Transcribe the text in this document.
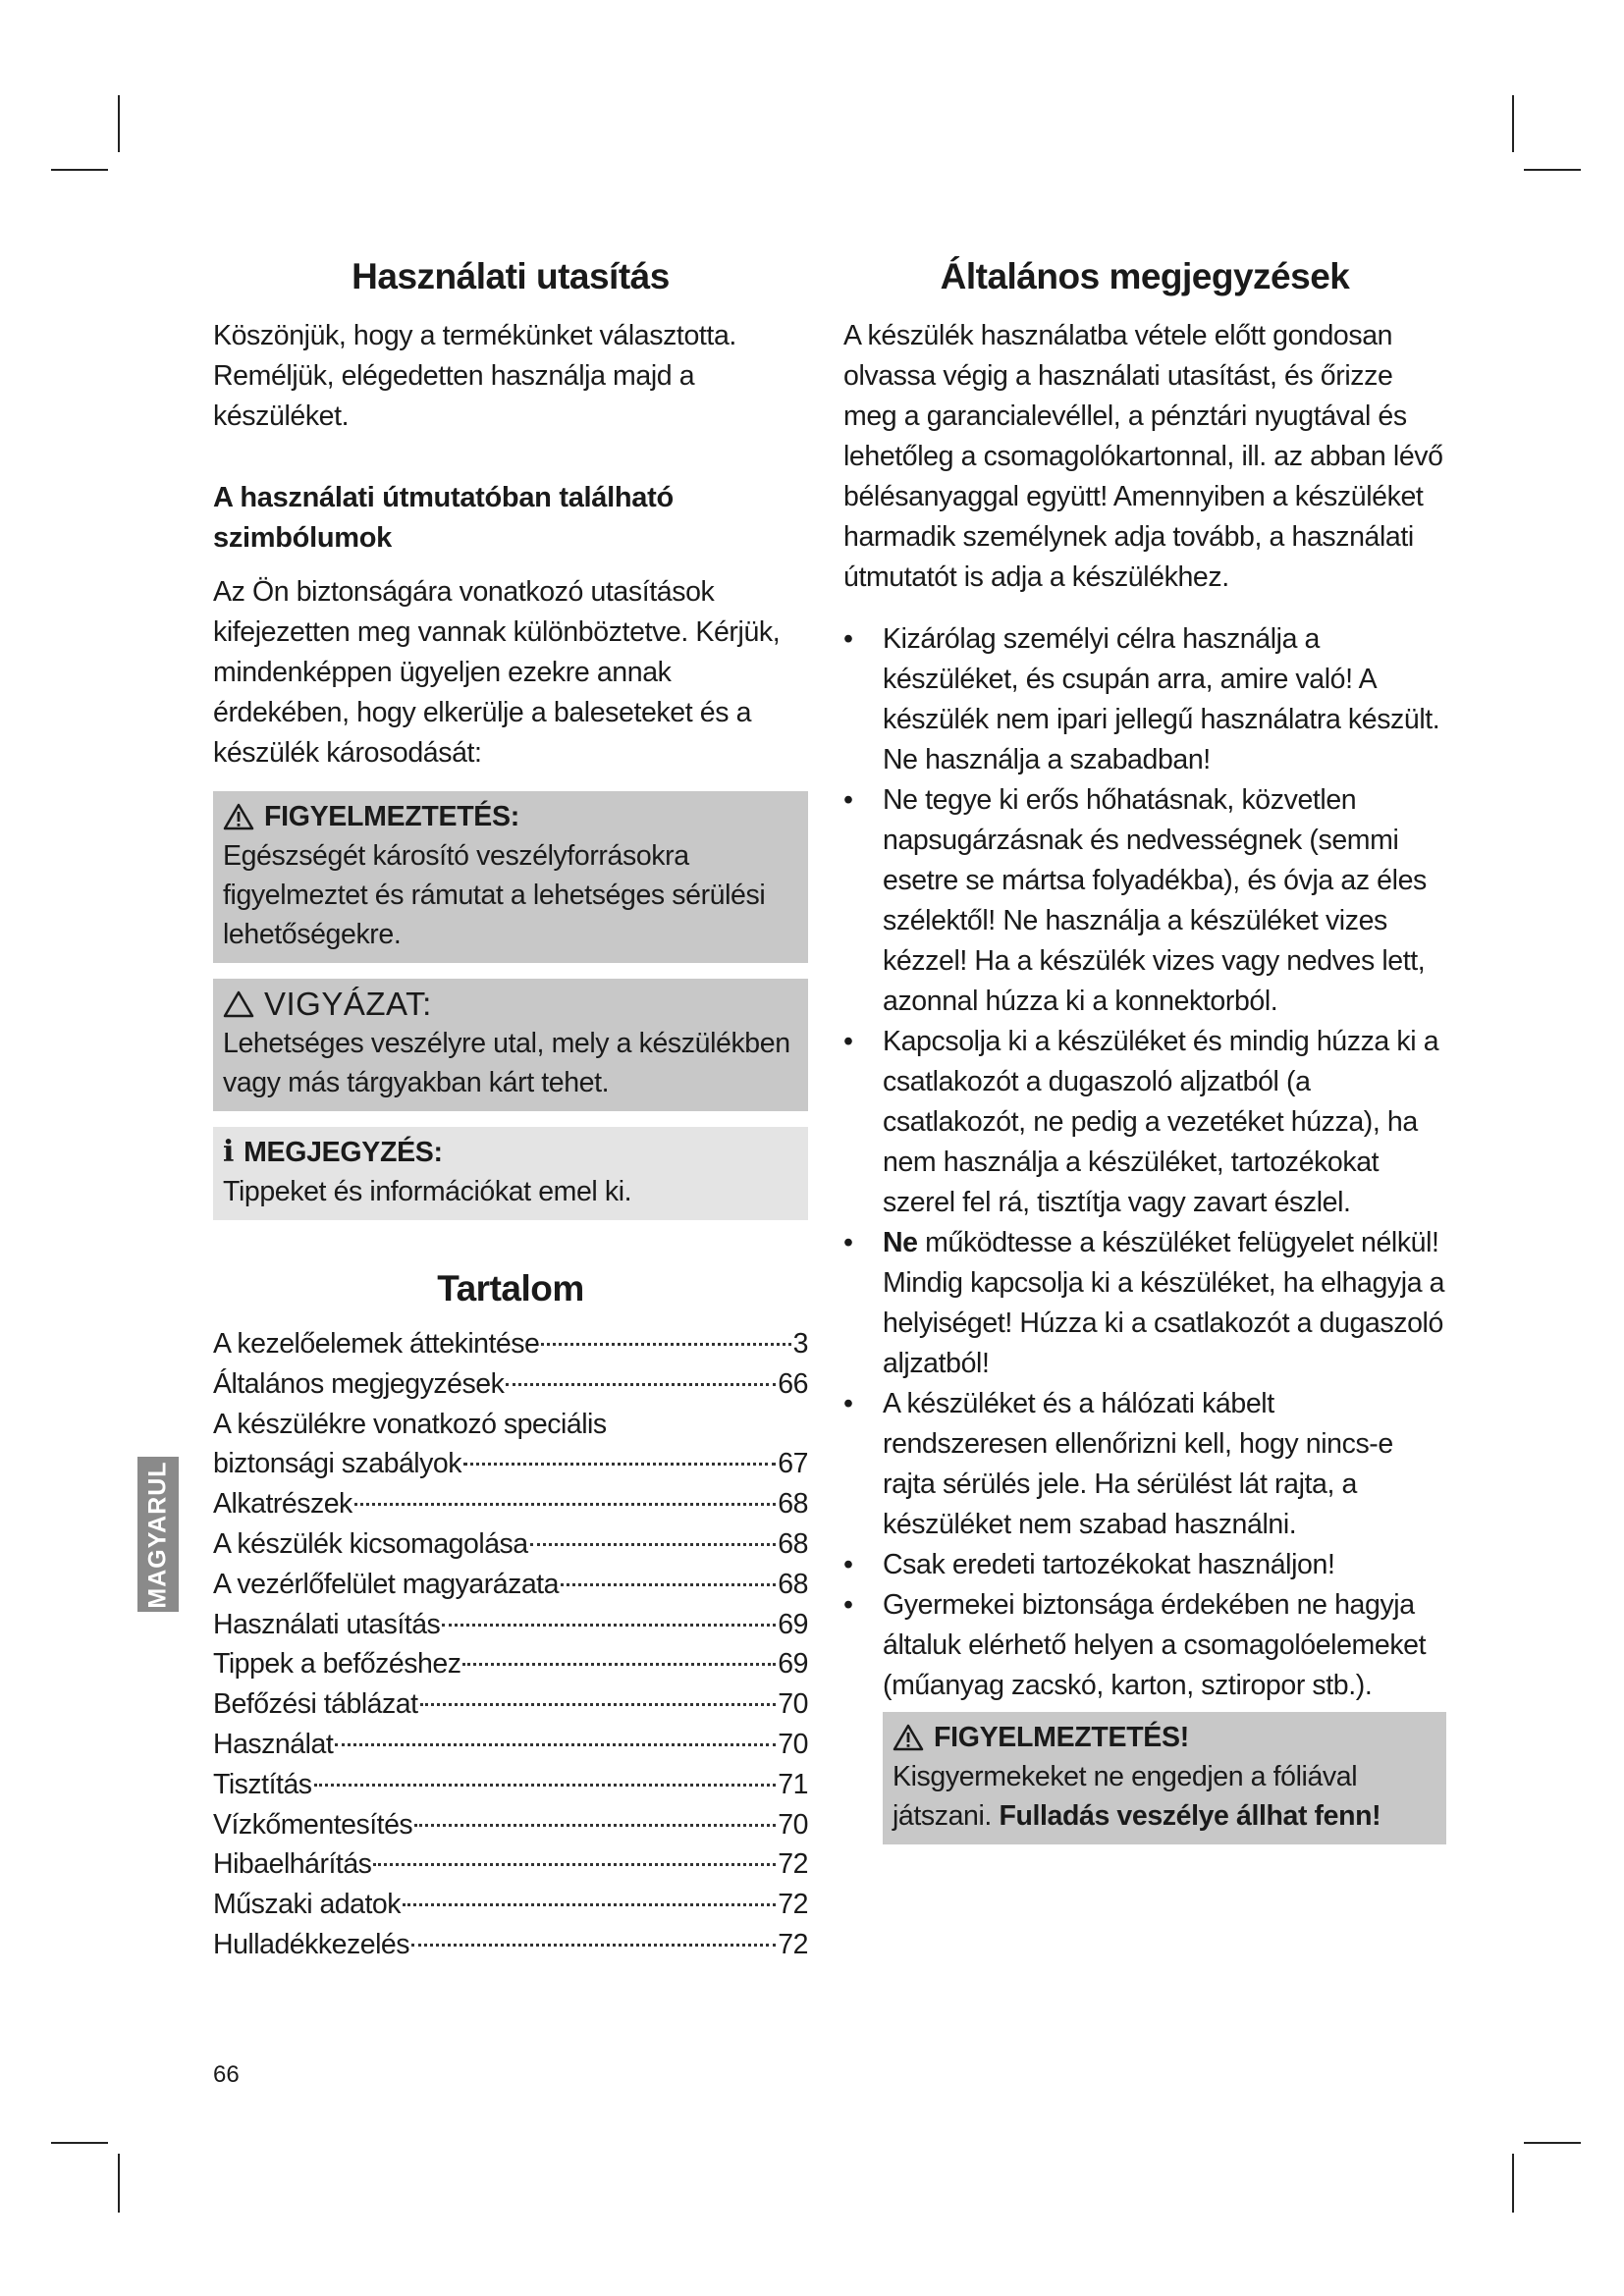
Használati utasítás

Köszönjük, hogy a termékünket választotta. Reméljük, elégedetten használja majd a készüléket.

A használati útmutatóban található szimbólumok

Az Ön biztonságára vonatkozó utasítások kifejezetten meg vannak különböztetve. Kérjük, mindenképpen ügyeljen ezekre annak érdekében, hogy elkerülje a baleseteket és a készülék károsodását:

FIGYELMEZTETÉS:

Egészségét károsító veszélyforrásokra figyelmeztet és rámutat a lehetséges sérülési lehetőségekre.

VIGYÁZAT:

Lehetséges veszélyre utal, mely a készülékben vagy más tárgyakban kárt tehet.

i MEGJEGYZÉS:

Tippeket és információkat emel ki.

Tartalom
A kezelőelemek áttekintése	3
Általános megjegyzések	66
A készülékre vonatkozó speciális
biztonsági szabályok	67
Alkatrészek	68
A készülék kicsomagolása	68
A vezérlőfelület magyarázata	68
Használati utasítás	69
Tippek a befőzéshez	69
Befőzési táblázat	70
Használat	70
Tisztítás	71
Vízkőmentesítés	70
Hibaelhárítás	72
Műszaki adatok	72
Hulladékkezelés	72
Általános megjegyzések

A készülék használatba vétele előtt gondosan olvassa végig a használati utasítást, és őrizze meg a garancialevéllel, a pénztári nyugtával és lehetőleg a csomagolókartonnal, ill. az abban lévő bélésanyaggal együtt! Amennyiben a készüléket harmadik személynek adja tovább, a használati útmutatót is adja a készülékhez.

• Kizárólag személyi célra használja a készüléket, és csupán arra, amire való! A készülék nem ipari jellegű használatra készült. Ne használja a szabadban!
• Ne tegye ki erős hőhatásnak, közvetlen napsugárzásnak és nedvességnek (semmi esetre se mártsa folyadékba), és óvja az éles szélektől! Ne használja a készüléket vizes kézzel! Ha a készülék vizes vagy nedves lett, azonnal húzza ki a konnektorból.
• Kapcsolja ki a készüléket és mindig húzza ki a csatlakozót a dugaszoló aljzatból (a csatlakozót, ne pedig a vezetéket húzza), ha nem használja a készüléket, tartozékokat szerel fel rá, tisztítja vagy zavart észlel.
• Ne működtesse a készüléket felügyelet nélkül! Mindig kapcsolja ki a készüléket, ha elhagyja a helyiséget! Húzza ki a csatlakozót a dugaszoló aljzatból!
• A készüléket és a hálózati kábelt rendszeresen ellenőrizni kell, hogy nincs-e rajta sérülés jele. Ha sérülést lát rajta, a készüléket nem szabad használni.
• Csak eredeti tartozékokat használjon!
• Gyermekei biztonsága érdekében ne hagyja általuk elérhető helyen a csomagolóelemeket (műanyag zacskó, karton, sztiropor stb.).
FIGYELMEZTETÉS!

Kisgyermekeket ne engedjen a fóliával játszani. Fulladás veszélye állhat fenn!

MAGYARUL
66
